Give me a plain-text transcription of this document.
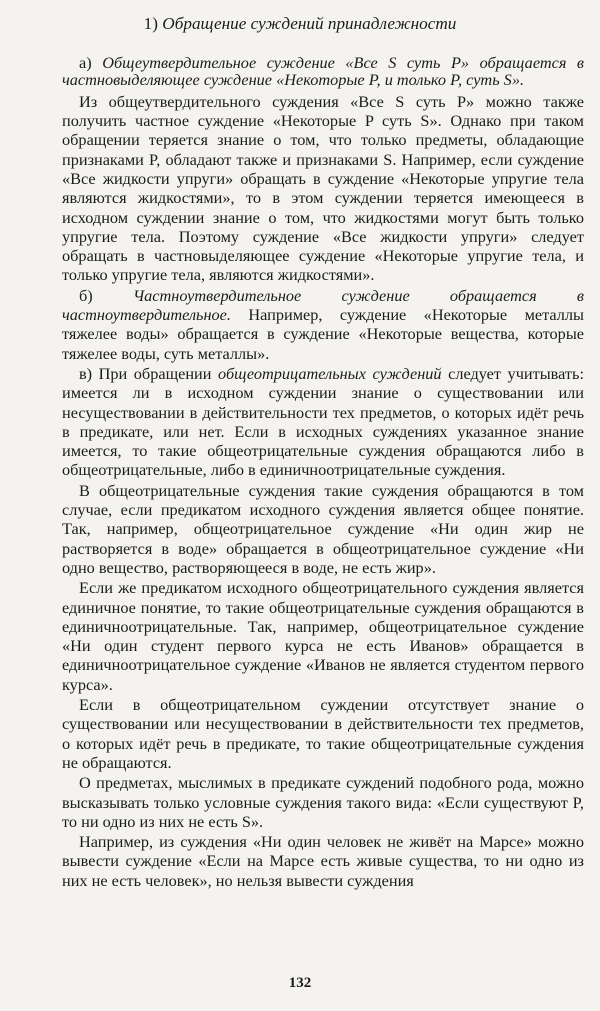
1) Обращение суждений принадлежности

а) Общеутвердительное суждение «Все S суть P» обращается в частновыделяющее суждение «Некоторые P, и только P, суть S».

Из общеутвердительного суждения «Все S суть P» можно также получить частное суждение «Некоторые P суть S». Однако при таком обращении теряется знание о том, что только предметы, обладающие признаками P, обладают также и признаками S. Например, если суждение «Все жидкости упруги» обращать в суждение «Некоторые упругие тела являются жидкостями», то в этом суждении теряется имеющееся в исходном суждении знание о том, что жидкостями могут быть только упругие тела. Поэтому суждение «Все жидкости упруги» следует обращать в частновыделяющее суждение «Некоторые упругие тела, и только упругие тела, являются жидкостями».

б) Частноутвердительное суждение обращается в частноутвердительное. Например, суждение «Некоторые металлы тяжелее воды» обращается в суждение «Некоторые вещества, которые тяжелее воды, суть металлы».

в) При обращении общеотрицательных суждений следует учитывать: имеется ли в исходном суждении знание о существовании или несуществовании в действительности тех предметов, о которых идёт речь в предикате, или нет. Если в исходных суждениях указанное знание имеется, то такие общеотрицательные суждения обращаются либо в общеотрицательные, либо в единичноотрицательные суждения.

В общеотрицательные суждения такие суждения обращаются в том случае, если предикатом исходного суждения является общее понятие. Так, например, общеотрицательное суждение «Ни один жир не растворяется в воде» обращается в общеотрицательное суждение «Ни одно вещество, растворяющееся в воде, не есть жир».

Если же предикатом исходного общеотрицательного суждения является единичное понятие, то такие общеотрицательные суждения обращаются в единичноотрицательные. Так, например, общеотрицательное суждение «Ни один студент первого курса не есть Иванов» обращается в единичноотрицательное суждение «Иванов не является студентом первого курса».

Если в общеотрицательном суждении отсутствует знание о существовании или несуществовании в действительности тех предметов, о которых идёт речь в предикате, то такие общеотрицательные суждения не обращаются.

О предметах, мыслимых в предикате суждений подобного рода, можно высказывать только условные суждения такого вида: «Если существуют P, то ни одно из них не есть S».

Например, из суждения «Ни один человек не живёт на Марсе» можно вывести суждение «Если на Марсе есть живые существа, то ни одно из них не есть человек», но нельзя вывести суждения

132
